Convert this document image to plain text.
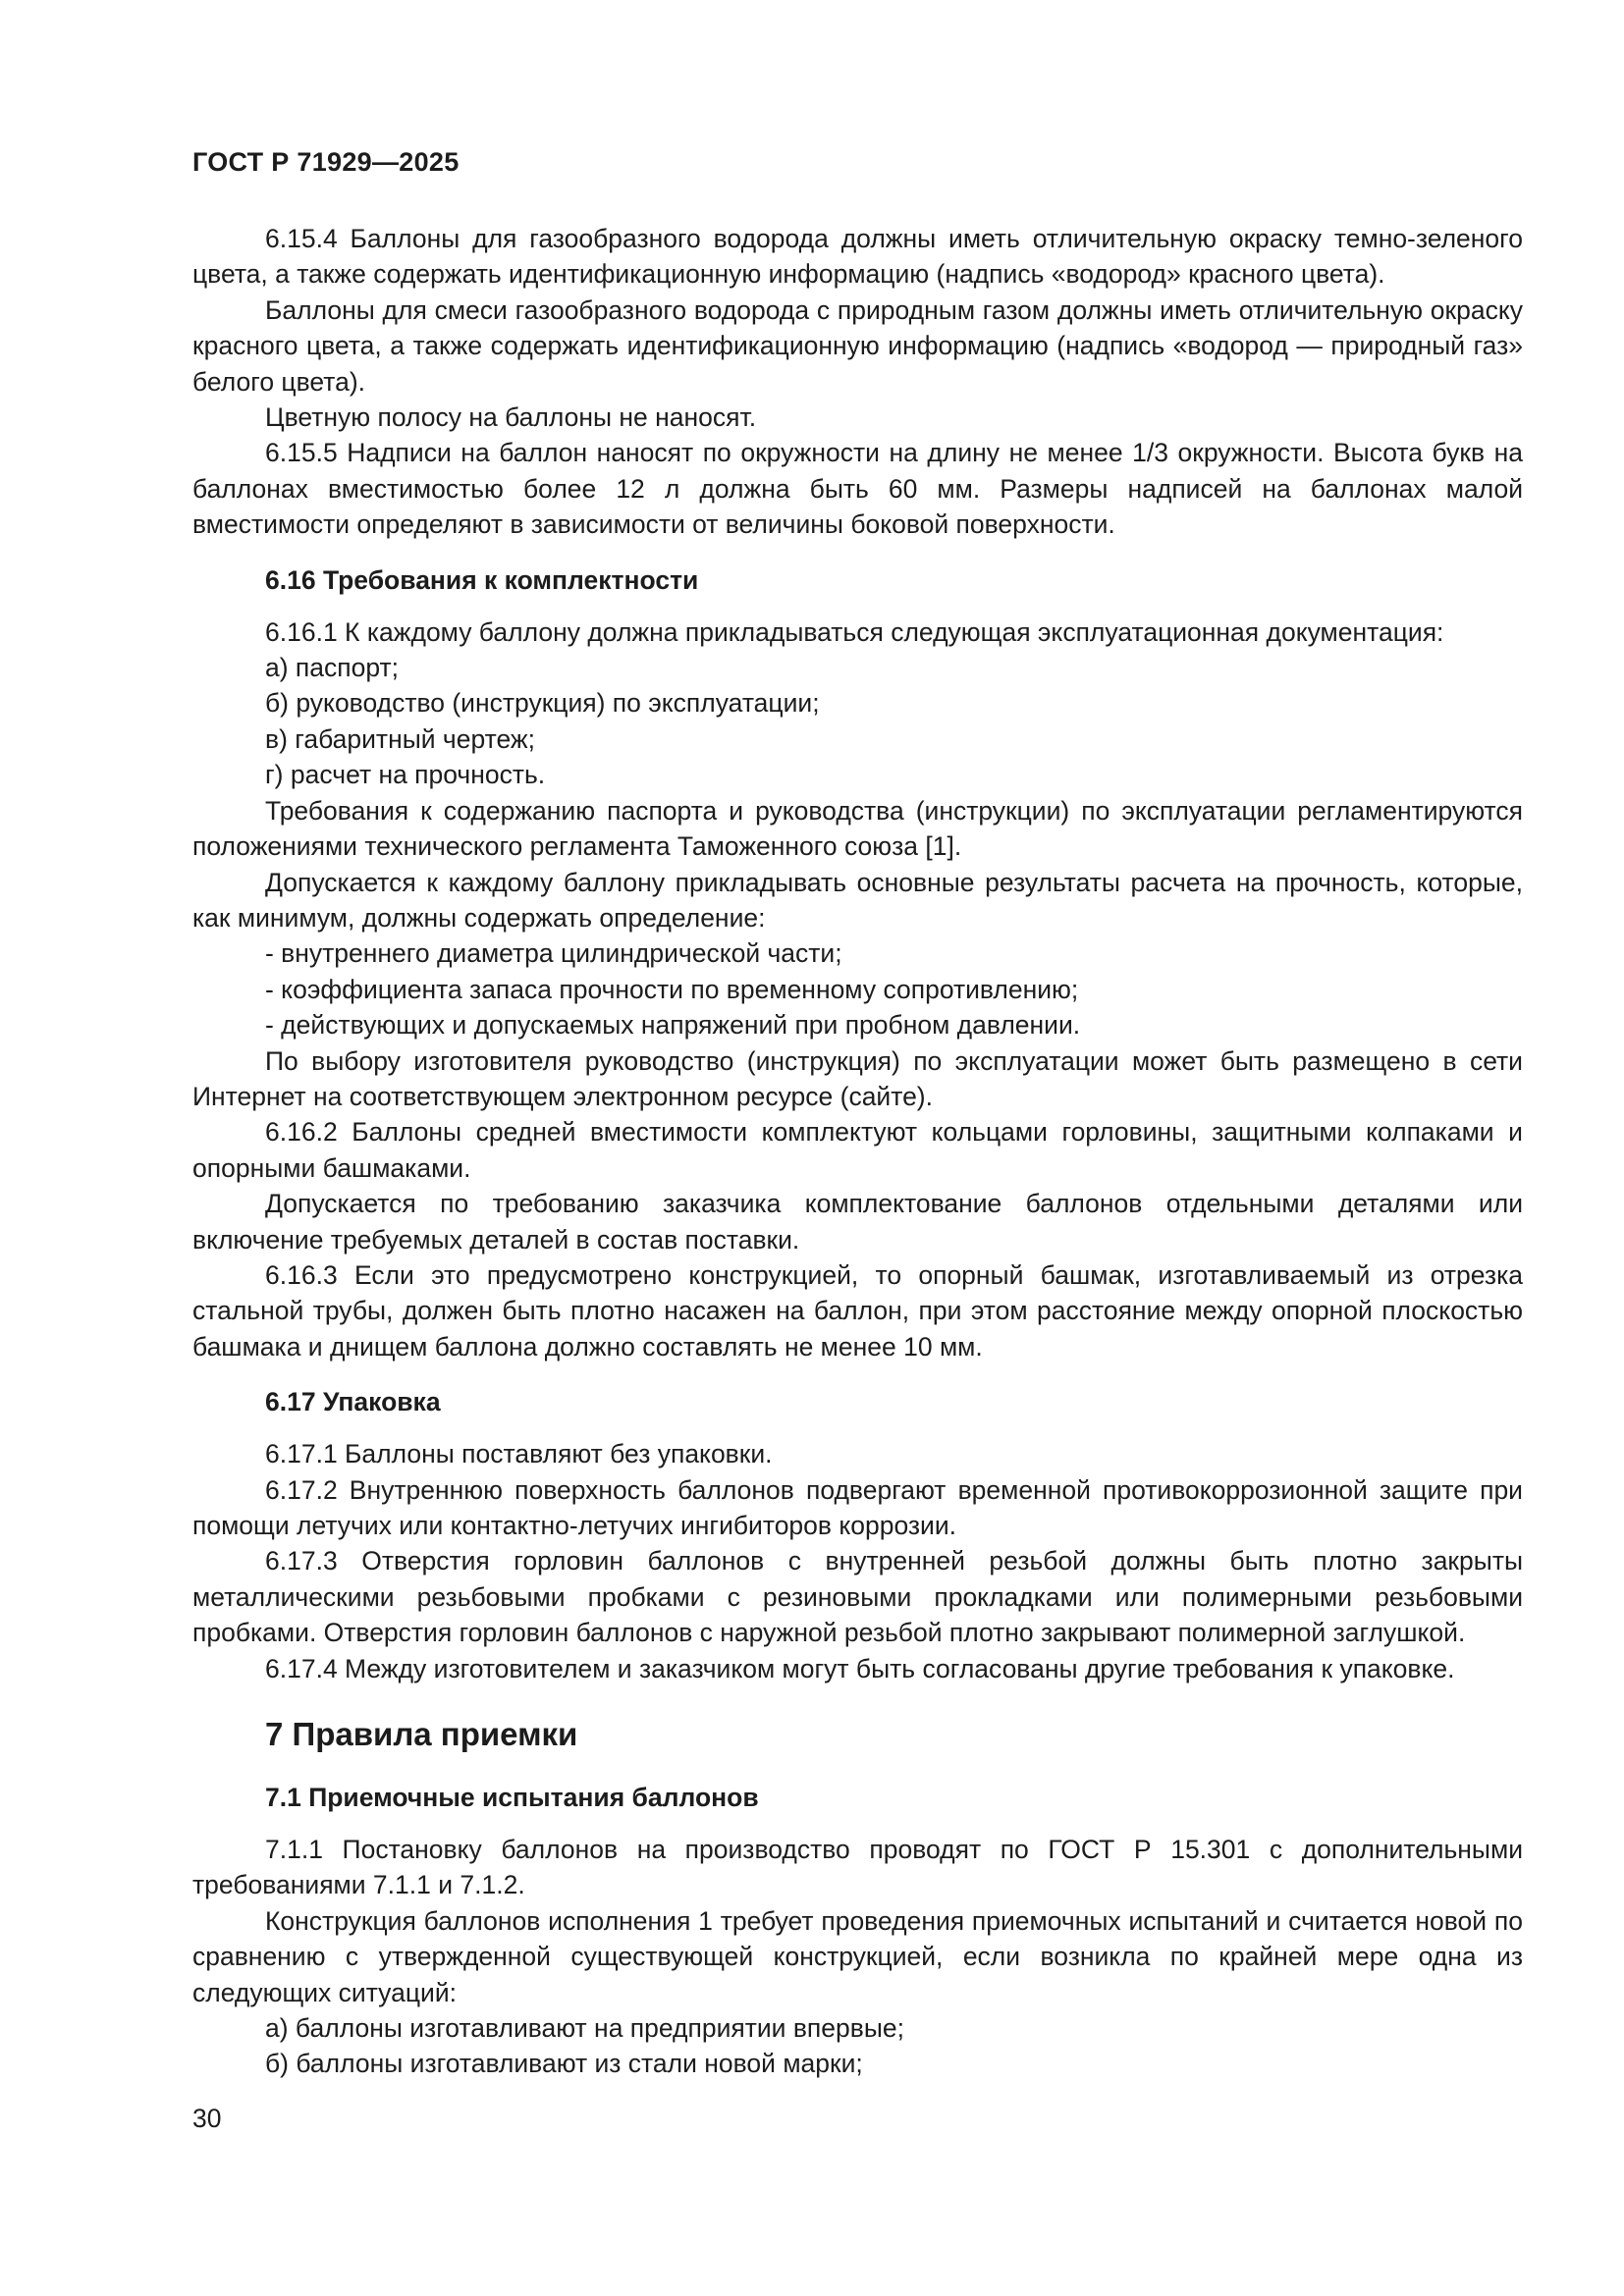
ГОСТ Р 71929—2025

6.15.4 Баллоны для газообразного водорода должны иметь отличительную окраску темно-зеленого цвета, а также содержать идентификационную информацию (надпись «водород» красного цвета).

Баллоны для смеси газообразного водорода с природным газом должны иметь отличительную окраску красного цвета, а также содержать идентификационную информацию (надпись «водород — природный газ» белого цвета).

Цветную полосу на баллоны не наносят.

6.15.5 Надписи на баллон наносят по окружности на длину не менее 1/3 окружности. Высота букв на баллонах вместимостью более 12 л должна быть 60 мм. Размеры надписей на баллонах малой вместимости определяют в зависимости от величины боковой поверхности.

6.16 Требования к комплектности

6.16.1 К каждому баллону должна прикладываться следующая эксплуатационная документация:

а) паспорт;

б) руководство (инструкция) по эксплуатации;

в) габаритный чертеж;

г) расчет на прочность.

Требования к содержанию паспорта и руководства (инструкции) по эксплуатации регламентируются положениями технического регламента Таможенного союза [1].

Допускается к каждому баллону прикладывать основные результаты расчета на прочность, которые, как минимум, должны содержать определение:

- внутреннего диаметра цилиндрической части;

- коэффициента запаса прочности по временному сопротивлению;

- действующих и допускаемых напряжений при пробном давлении.

По выбору изготовителя руководство (инструкция) по эксплуатации может быть размещено в сети Интернет на соответствующем электронном ресурсе (сайте).

6.16.2 Баллоны средней вместимости комплектуют кольцами горловины, защитными колпаками и опорными башмаками.

Допускается по требованию заказчика комплектование баллонов отдельными деталями или включение требуемых деталей в состав поставки.

6.16.3 Если это предусмотрено конструкцией, то опорный башмак, изготавливаемый из отрезка стальной трубы, должен быть плотно насажен на баллон, при этом расстояние между опорной плоскостью башмака и днищем баллона должно составлять не менее 10 мм.

6.17 Упаковка

6.17.1 Баллоны поставляют без упаковки.

6.17.2 Внутреннюю поверхность баллонов подвергают временной противокоррозионной защите при помощи летучих или контактно-летучих ингибиторов коррозии.

6.17.3 Отверстия горловин баллонов с внутренней резьбой должны быть плотно закрыты металлическими резьбовыми пробками с резиновыми прокладками или полимерными резьбовыми пробками. Отверстия горловин баллонов с наружной резьбой плотно закрывают полимерной заглушкой.

6.17.4 Между изготовителем и заказчиком могут быть согласованы другие требования к упаковке.

7 Правила приемки
7.1 Приемочные испытания баллонов

7.1.1 Постановку баллонов на производство проводят по ГОСТ Р 15.301 с дополнительными требованиями 7.1.1 и 7.1.2.

Конструкция баллонов исполнения 1 требует проведения приемочных испытаний и считается новой по сравнению с утвержденной существующей конструкцией, если возникла по крайней мере одна из следующих ситуаций:

а) баллоны изготавливают на предприятии впервые;

б) баллоны изготавливают из стали новой марки;

30
